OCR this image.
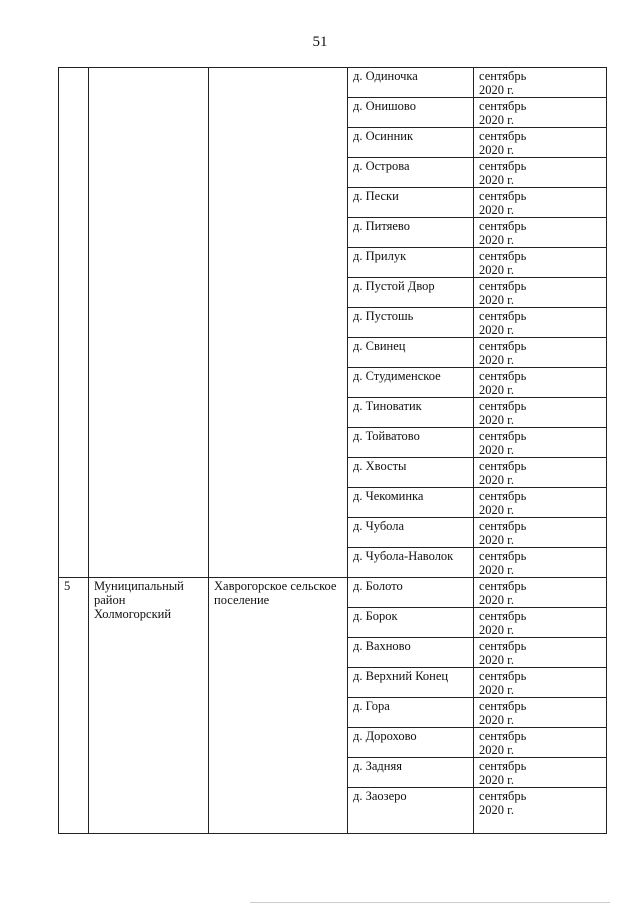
51
			д. Одиночка	сентябрь
2020 г.

			д. Онишово	сентябрь
2020 г.

			д. Осинник	сентябрь
2020 г.

			д. Острова	сентябрь
2020 г.

			д. Пески	сентябрь
2020 г.

			д. Питяево	сентябрь
2020 г.

			д. Прилук	сентябрь
2020 г.

			д. Пустой Двор	сентябрь
2020 г.

			д. Пустошь	сентябрь
2020 г.

			д. Свинец	сентябрь
2020 г.

			д. Студименское	сентябрь
2020 г.

			д. Тиноватик	сентябрь
2020 г.

			д. Тойватово	сентябрь
2020 г.

			д. Хвосты	сентябрь
2020 г.

			д. Чекоминка	сентябрь
2020 г.

			д. Чубола	сентябрь
2020 г.

			д. Чубола-Наволок	сентябрь
2020 г.

5	Муниципальный район Холмогорский	Хаврогорское сельское поселение	д. Болото	сентябрь
2020 г.

			д. Борок	сентябрь
2020 г.

			д. Вахново	сентябрь
2020 г.

			д. Верхний Конец	сентябрь
2020 г.

			д. Гора	сентябрь
2020 г.

			д. Дорохово	сентябрь
2020 г.

			д. Задняя	сентябрь
2020 г.

			д. Заозеро	сентябрь
2020 г.
